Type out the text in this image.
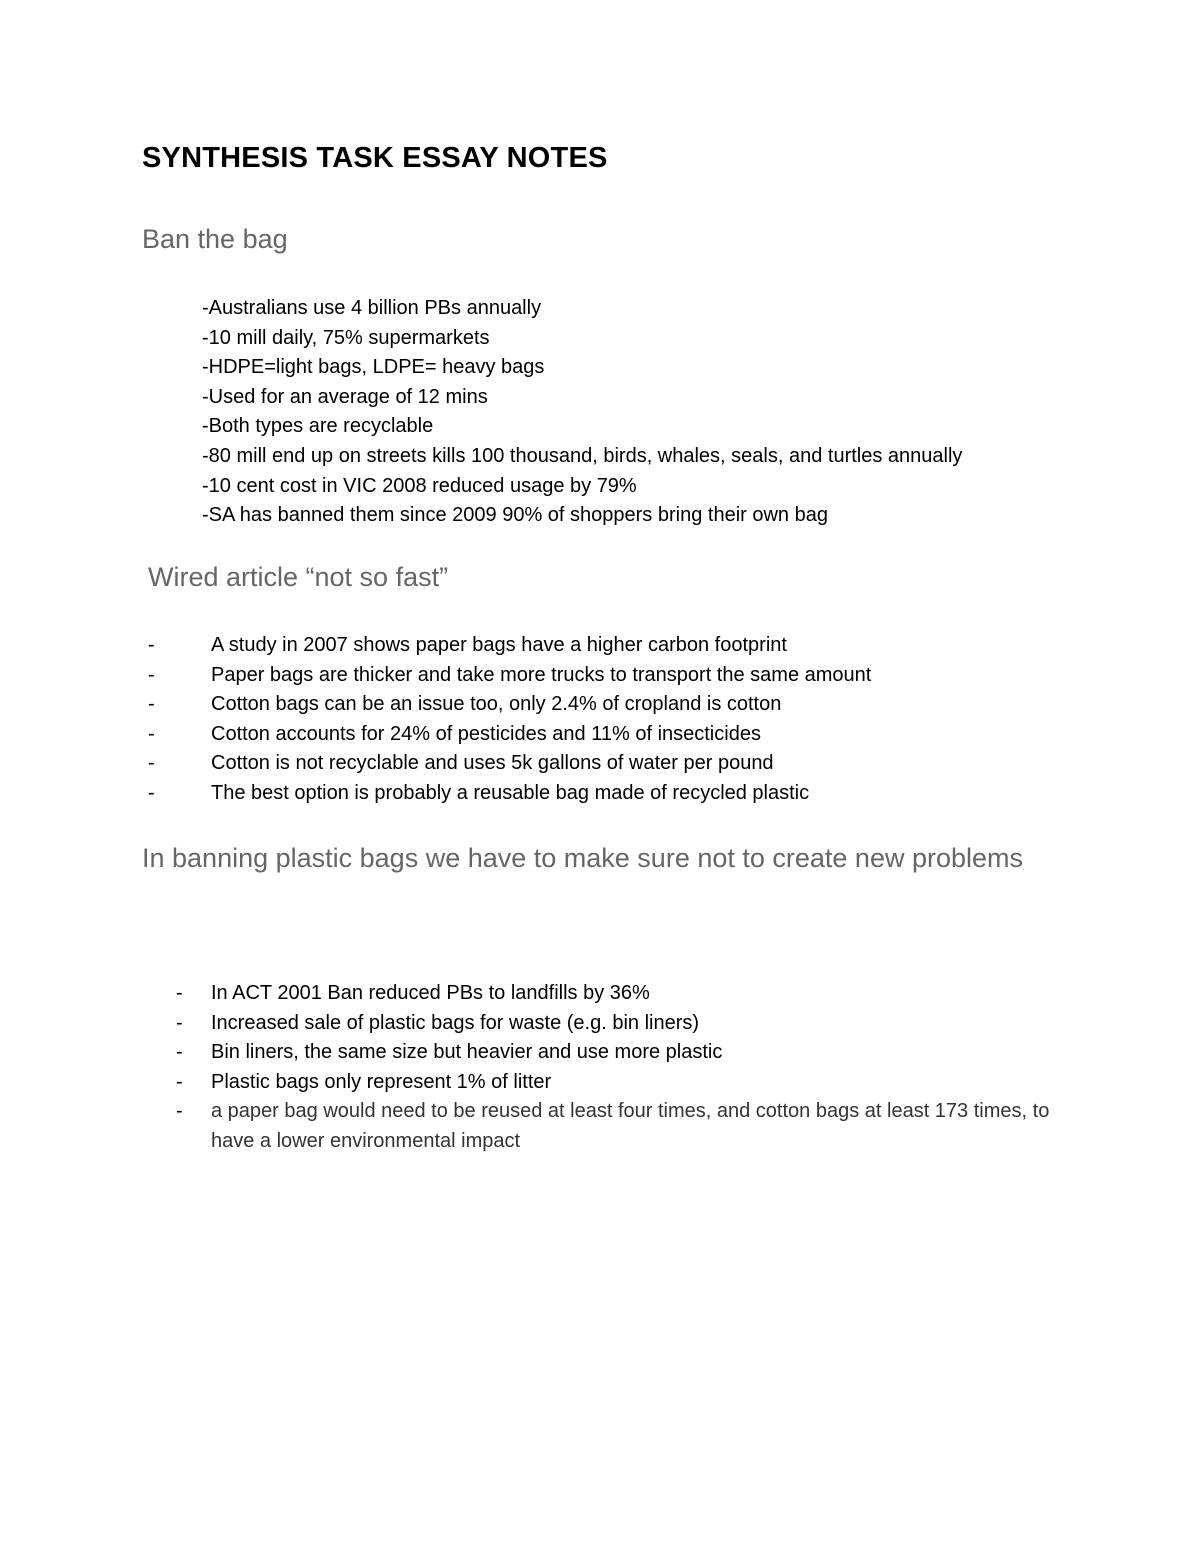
SYNTHESIS TASK ESSAY NOTES
Ban the bag
-Australians use 4 billion PBs annually
-10 mill daily, 75% supermarkets
-HDPE=light bags, LDPE= heavy bags
-Used for an average of 12 mins
-Both types are recyclable
-80 mill end up on streets kills 100 thousand, birds, whales, seals, and turtles annually
-10 cent cost in VIC 2008 reduced usage by 79%
-SA has banned them since 2009 90% of shoppers bring their own bag
Wired article “not so fast”
-	A study in 2007 shows paper bags have a higher carbon footprint
-	Paper bags are thicker and take more trucks to transport the same amount
-	Cotton bags can be an issue too, only 2.4% of cropland is cotton
-	Cotton accounts for 24% of pesticides and 11% of insecticides
-	Cotton is not recyclable and uses 5k gallons of water per pound
-	The best option is probably a reusable bag made of recycled plastic
In banning plastic bags we have to make sure not to create new problems
- In ACT 2001 Ban reduced PBs to landfills by 36%
- Increased sale of plastic bags for waste (e.g. bin liners)
- Bin liners, the same size but heavier and use more plastic
- Plastic bags only represent 1% of litter
- a paper bag would need to be reused at least four times, and cotton bags at least 173 times, to have a lower environmental impact
